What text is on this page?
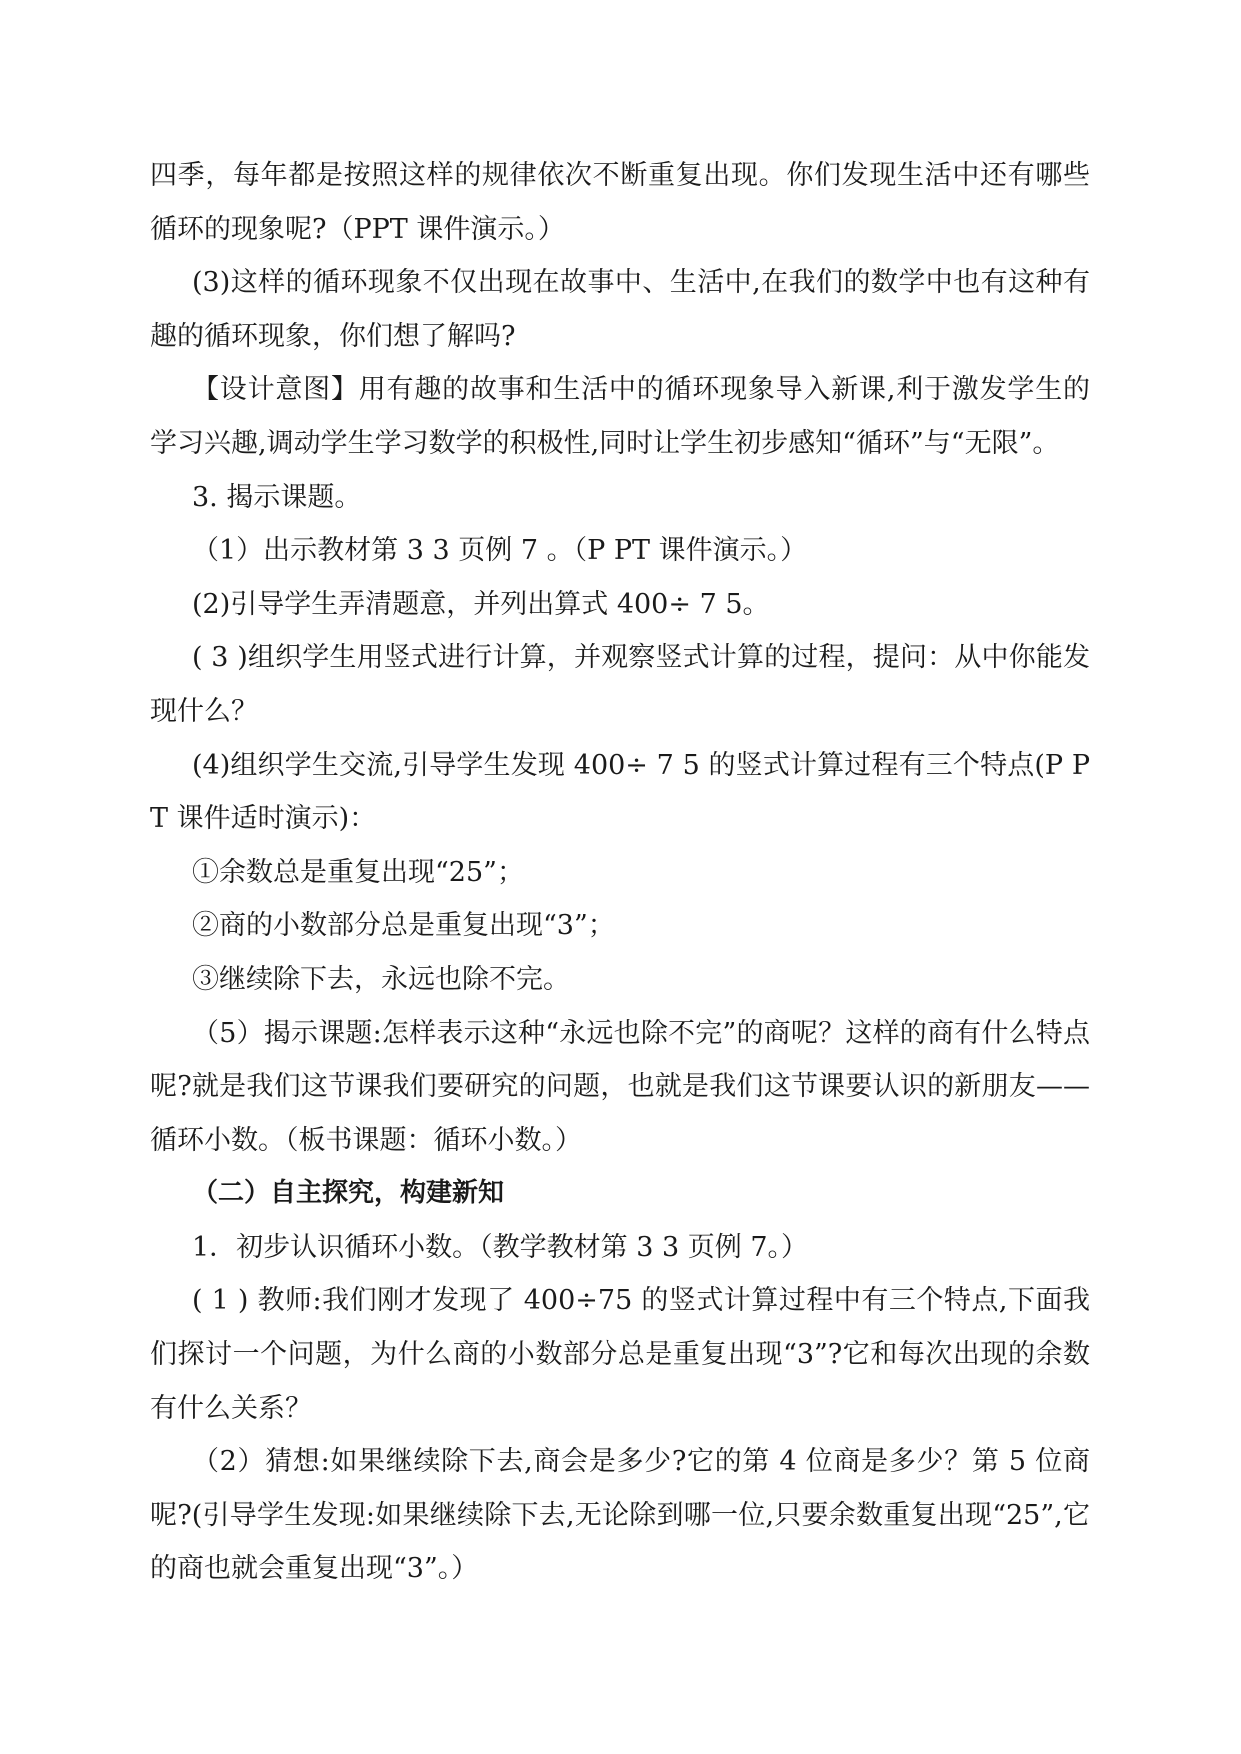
四季，每年都是按照这样的规律依次不断重复出现。你们发现生活中还有哪些循环的现象呢?（PPT 课件演示。）

(3)这样的循环现象不仅出现在故事中、生活中,在我们的数学中也有这种有趣的循环现象，你们想了解吗?

【设计意图】用有趣的故事和生活中的循环现象导入新课,利于激发学生的学习兴趣,调动学生学习数学的积极性,同时让学生初步感知“循环”与“无限”。

3. 揭示课题。

（1）出示教材第 3 3 页例 7 。（P PT 课件演示。）

(2)引导学生弄清题意，并列出算式 400÷ 7 5。

( 3 )组织学生用竖式进行计算，并观察竖式计算的过程，提问：从中你能发现什么？

(4)组织学生交流,引导学生发现 400÷ 7 5 的竖式计算过程有三个特点(P P T 课件适时演示)：

①余数总是重复出现“25”；

②商的小数部分总是重复出现“3”；

③继续除下去，永远也除不完。

（5）揭示课题:怎样表示这种“永远也除不完”的商呢？这样的商有什么特点呢?就是我们这节课我们要研究的问题，也就是我们这节课要认识的新朋友——循环小数。（板书课题：循环小数。）

（二）自主探究，构建新知

1．初步认识循环小数。（教学教材第 3 3 页例 7。）

( 1 ) 教师:我们刚才发现了 400÷75 的竖式计算过程中有三个特点,下面我们探讨一个问题，为什么商的小数部分总是重复出现“3”?它和每次出现的余数有什么关系？

（2）猜想:如果继续除下去,商会是多少?它的第 4 位商是多少？第 5 位商呢?(引导学生发现:如果继续除下去,无论除到哪一位,只要余数重复出现“25”,它的商也就会重复出现“3”。）
